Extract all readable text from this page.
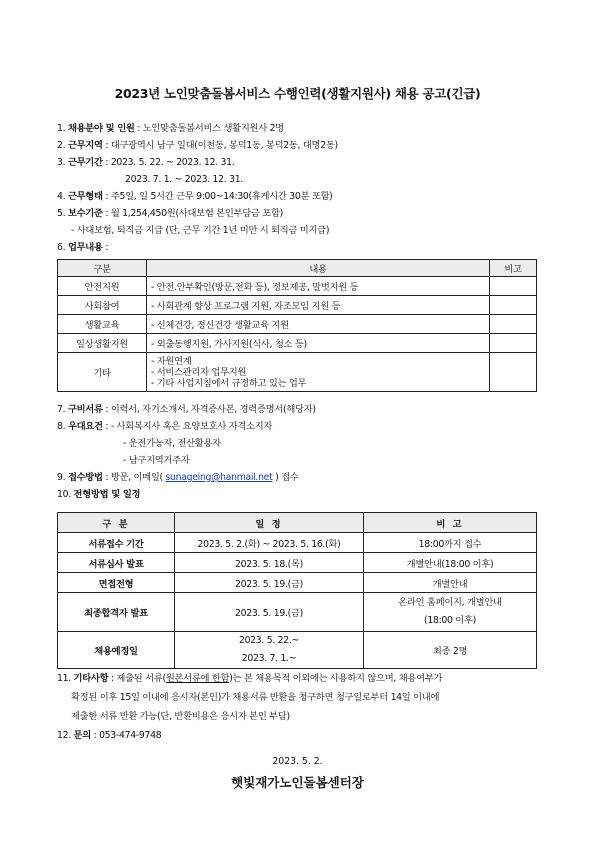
2023년 노인맞춤돌봄서비스 수행인력(생활지원사) 채용 공고(긴급)
1. 채용분야 및 인원 : 노인맞춤돌봄서비스 생활지원사 2명
2. 근무지역 : 대구광역시 남구 일대(이천동, 봉덕1동, 봉덕2동, 대명2동)
3. 근무기간 : 2023. 5. 22. ~ 2023. 12. 31.
2023. 7. 1. ~ 2023. 12. 31.
4. 근무형태 : 주5일, 일 5시간 근무 9:00~14:30(휴게시간 30분 포함)
5. 보수기준 : 월 1,254,450원(사대보험 본인부담금 포함)
- 사대보험, 퇴직금 지급 (단, 근무 기간 1년 미만 시 퇴직금 미지급)
6. 업무내용 :
구분	내용	비고
안전지원	- 안전.안부확인(방문,전화 등), 정보제공, 말벗지원 등	
사회참여	- 사회관계 향상 프로그램 지원, 자조모임 지원 등	
생활교육	- 신체건강, 정신건강 생활교육 지원	
일상생활지원	- 외출동행지원, 가사지원(식사, 청소 등)	
기타	- 자원연계
- 서비스관리자 업무지원
- 기타 사업지침에서 규정하고 있는 업무	

7. 구비서류 : 이력서, 자기소개서, 자격증사본, 경력증명서(해당자)
8. 우대요건 : - 사회복지사 혹은 요양보호사 자격소지자
- 운전가능자, 전산활용자
- 남구지역거주자
9. 접수방법 : 방문, 이메일( sunageing@hanmail.net ) 접수
10. 전형방법 및 일정
구 분	일 정	비 고
서류접수 기간	2023. 5. 2.(화) ~ 2023. 5. 16.(화)	18:00까지 접수
서류심사 발표	2023. 5. 18.(목)	개별안내(18:00 이후)
면접전형	2023. 5. 19.(금)	개별안내
최종합격자 발표	2023. 5. 19.(금)	온라인 홈페이지, 개별안내
(18:00 이후)

채용예정일	2023. 5. 22.~
2023. 7. 1.~	최종 2명
11. 기타사항 : 제출된 서류(원본서류에 한함)는 본 채용목적 이외에는 사용하지 않으며, 채용여부가
확정된 이후 15일 이내에 응시자(본인)가 채용서류 반환을 청구하면 청구일로부터 14일 이내에
제출한 서류 반환 가능(단, 반환비용은 응시자 본인 부담)
12. 문의 : 053-474-9748
2023. 5. 2.
햇빛재가노인돌봄센터장
